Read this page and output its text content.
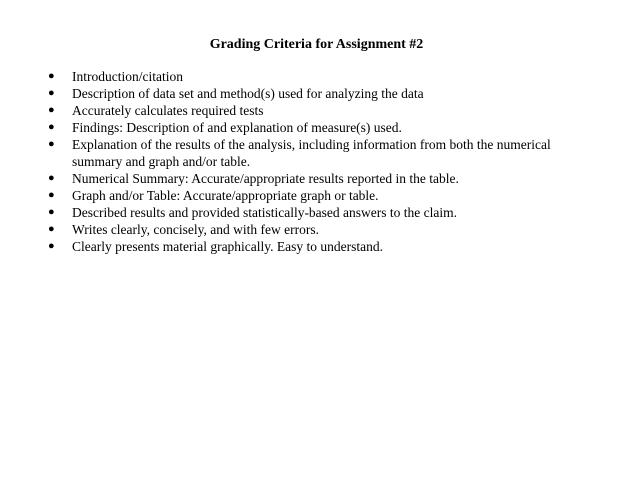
Grading Criteria for Assignment #2
● Introduction/citation
● Description of data set and method(s) used for analyzing the data
● Accurately calculates required tests
● Findings: Description of and explanation of measure(s) used.
● Explanation of the results of the analysis, including information from both the numerical summary and graph and/or table.
● Numerical Summary: Accurate/appropriate results reported in the table.
● Graph and/or Table: Accurate/appropriate graph or table.
● Described results and provided statistically-based answers to the claim.
● Writes clearly, concisely, and with few errors.
● Clearly presents material graphically. Easy to understand.
